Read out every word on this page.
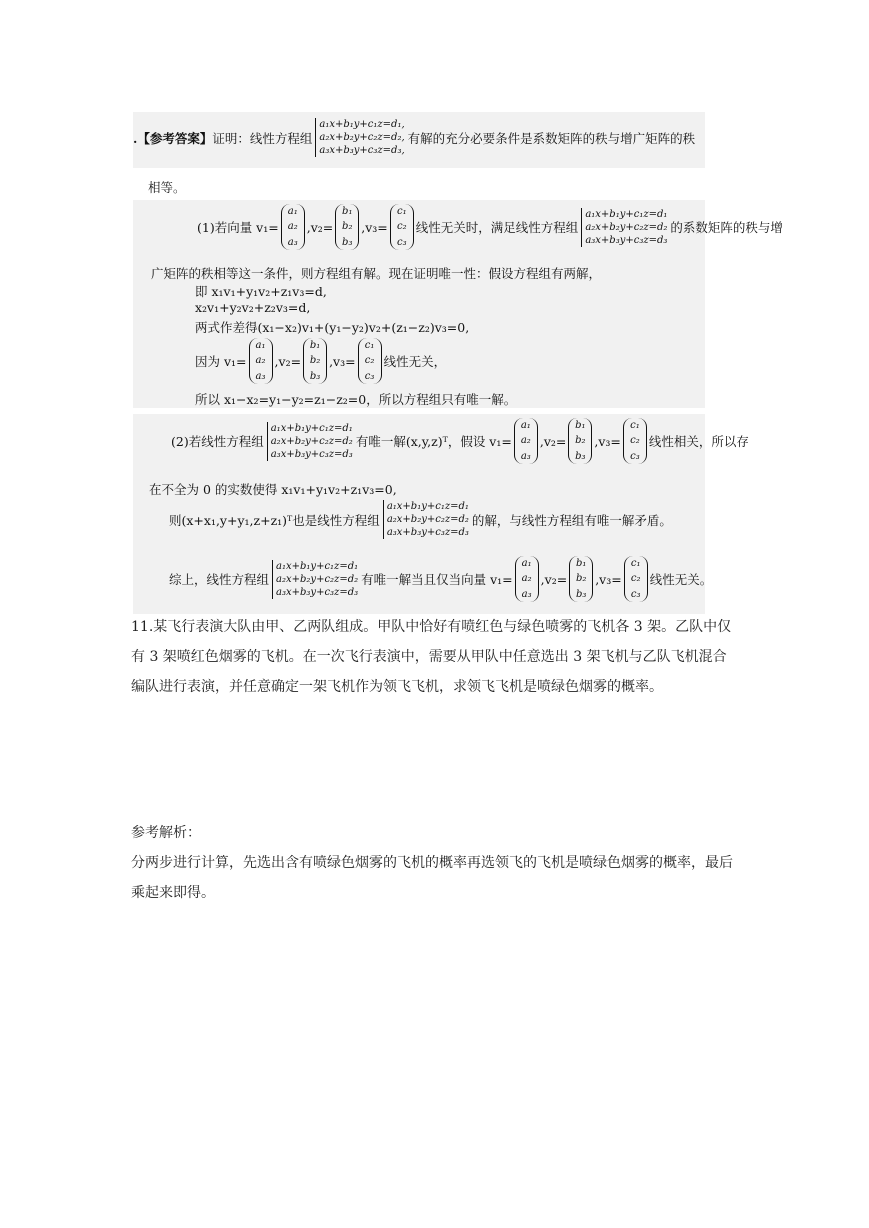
.【参考答案】 证明：线性方程组
a₁x+b₁y+c₁z=d₁,
a₂x+b₂y+c₂z=d₂,
a₃x+b₃y+c₃z=d₃,
有解的充分必要条件是系数矩阵的秩与增广矩阵的秩
相等。
(1)若向量 v₁=
a₁
a₂
a₃
,v₂=
b₁
b₂
b₃
,v₃=
c₁
c₂
c₃
线性无关时，满足线性方程组
a₁x+b₁y+c₁z=d₁
a₂x+b₂y+c₂z=d₂
a₃x+b₃y+c₃z=d₃
的系数矩阵的秩与增
广矩阵的秩相等这一条件，则方程组有解。现在证明唯一性：假设方程组有两解，
即 x₁v₁+y₁v₂+z₁v₃=d,
x₂v₁+y₂v₂+z₂v₃=d,
两式作差得(x₁−x₂)v₁+(y₁−y₂)v₂+(z₁−z₂)v₃=0,
因为 v₁=
a₁
a₂
a₃
,v₂=
b₁
b₂
b₃
,v₃=
c₁
c₂
c₃
线性无关，
所以 x₁−x₂=y₁−y₂=z₁−z₂=0，所以方程组只有唯一解。
(2)若线性方程组
a₁x+b₁y+c₁z=d₁
a₂x+b₂y+c₂z=d₂
a₃x+b₃y+c₃z=d₃
有唯一解(x,y,z)ᵀ，假设 v₁=
a₁
a₂
a₃
,v₂=
b₁
b₂
b₃
,v₃=
c₁
c₂
c₃
线性相关，所以存
在不全为 0 的实数使得 x₁v₁+y₁v₂+z₁v₃=0,
则(x+x₁,y+y₁,z+z₁)ᵀ也是线性方程组
a₁x+b₁y+c₁z=d₁
a₂x+b₂y+c₂z=d₂
a₃x+b₃y+c₃z=d₃
的解，与线性方程组有唯一解矛盾。
综上，线性方程组
a₁x+b₁y+c₁z=d₁
a₂x+b₂y+c₂z=d₂
a₃x+b₃y+c₃z=d₃
有唯一解当且仅当向量 v₁=
a₁
a₂
a₃
,v₂=
b₁
b₂
b₃
,v₃=
c₁
c₂
c₃
线性无关。
11.某飞行表演大队由甲、乙两队组成。甲队中恰好有喷红色与绿色喷雾的飞机各 3 架。乙队中仅有 3 架喷红色烟雾的飞机。在一次飞行表演中，需要从甲队中任意选出 3 架飞机与乙队飞机混合编队进行表演，并任意确定一架飞机作为领飞飞机，求领飞飞机是喷绿色烟雾的概率。
参考解析：
分两步进行计算，先选出含有喷绿色烟雾的飞机的概率再选领飞的飞机是喷绿色烟雾的概率，最后乘起来即得。
